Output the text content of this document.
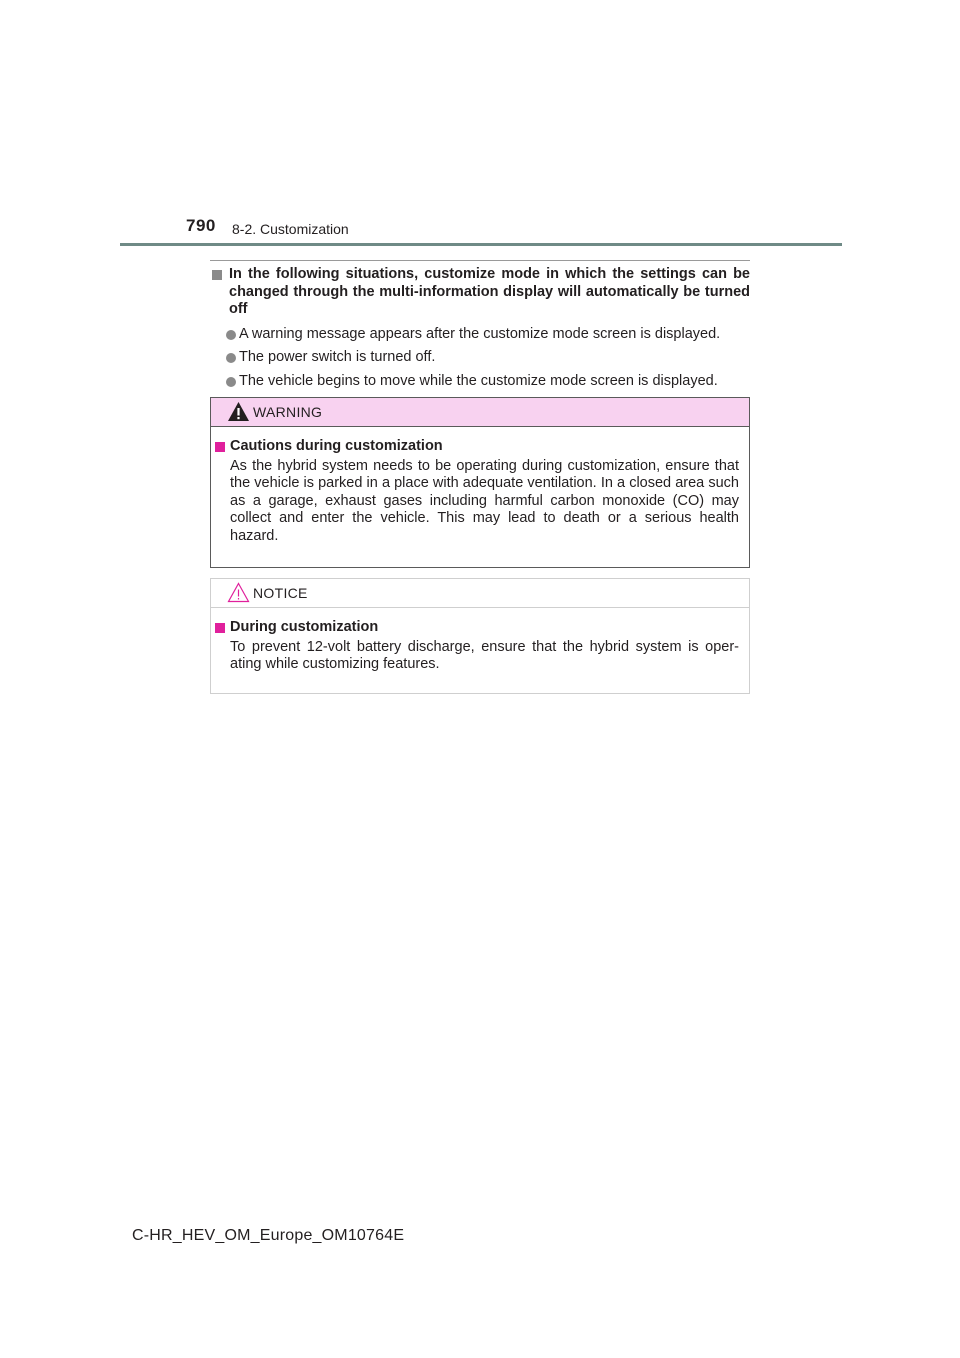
790 8-2. Customization
In the following situations, customize mode in which the settings can be changed through the multi-information display will automatically be turned off
A warning message appears after the customize mode screen is displayed.
The power switch is turned off.
The vehicle begins to move while the customize mode screen is displayed.
WARNING
Cautions during customization
As the hybrid system needs to be operating during customization, ensure that the vehicle is parked in a place with adequate ventilation. In a closed area such as a garage, exhaust gases including harmful carbon monoxide (CO) may collect and enter the vehicle. This may lead to death or a serious health hazard.
NOTICE
During customization
To prevent 12-volt battery discharge, ensure that the hybrid system is oper-ating while customizing features.
C-HR_HEV_OM_Europe_OM10764E
